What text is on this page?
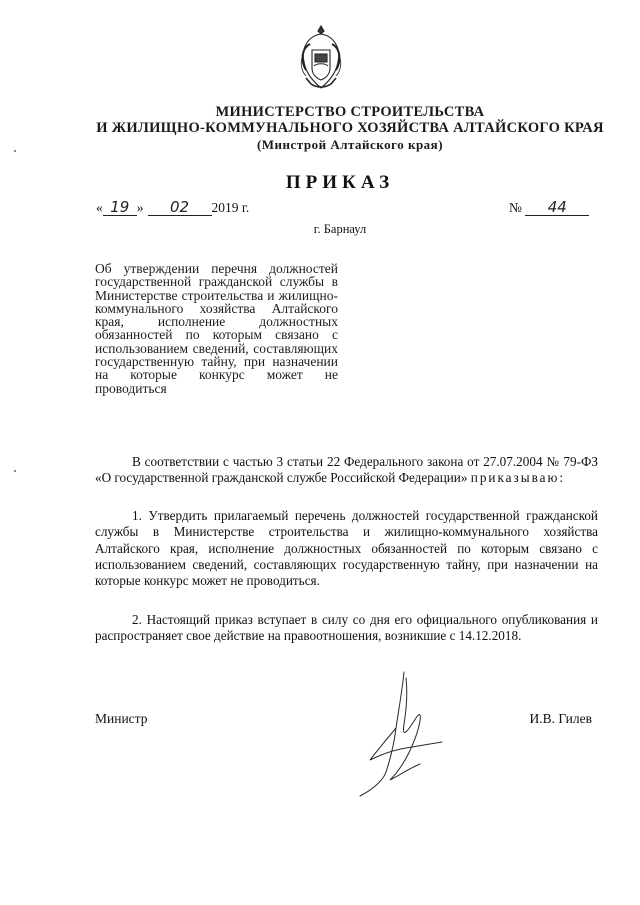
МИНИСТЕРСТВО СТРОИТЕЛЬСТВА
И ЖИЛИЩНО-КОММУНАЛЬНОГО ХОЗЯЙСТВА АЛТАЙСКОГО КРАЯ
(Минстрой Алтайского края)
ПРИКАЗ
« 19 » 02 2019 г.	№ 44
г. Барнаул
Об утверждении перечня должностей государственной гражданской службы в Министерстве строительства и жилищно-коммунального хозяйства Алтайского края, исполнение должностных обязанностей по которым связано с использованием сведений, составляющих государственную тайну, при назначении на которые конкурс может не проводиться
В соответствии с частью 3 статьи 22 Федерального закона от 27.07.2004 № 79-ФЗ «О государственной гражданской службе Российской Федерации» приказываю:
1. Утвердить прилагаемый перечень должностей государственной гражданской службы в Министерстве строительства и жилищно-коммунального хозяйства Алтайского края, исполнение должностных обязанностей по которым связано с использованием сведений, составляющих государственную тайну, при назначении на которые конкурс может не проводиться.
2. Настоящий приказ вступает в силу со дня его официального опубликования и распространяет свое действие на правоотношения, возникшие с 14.12.2018.
Министр	И.В. Гилев
